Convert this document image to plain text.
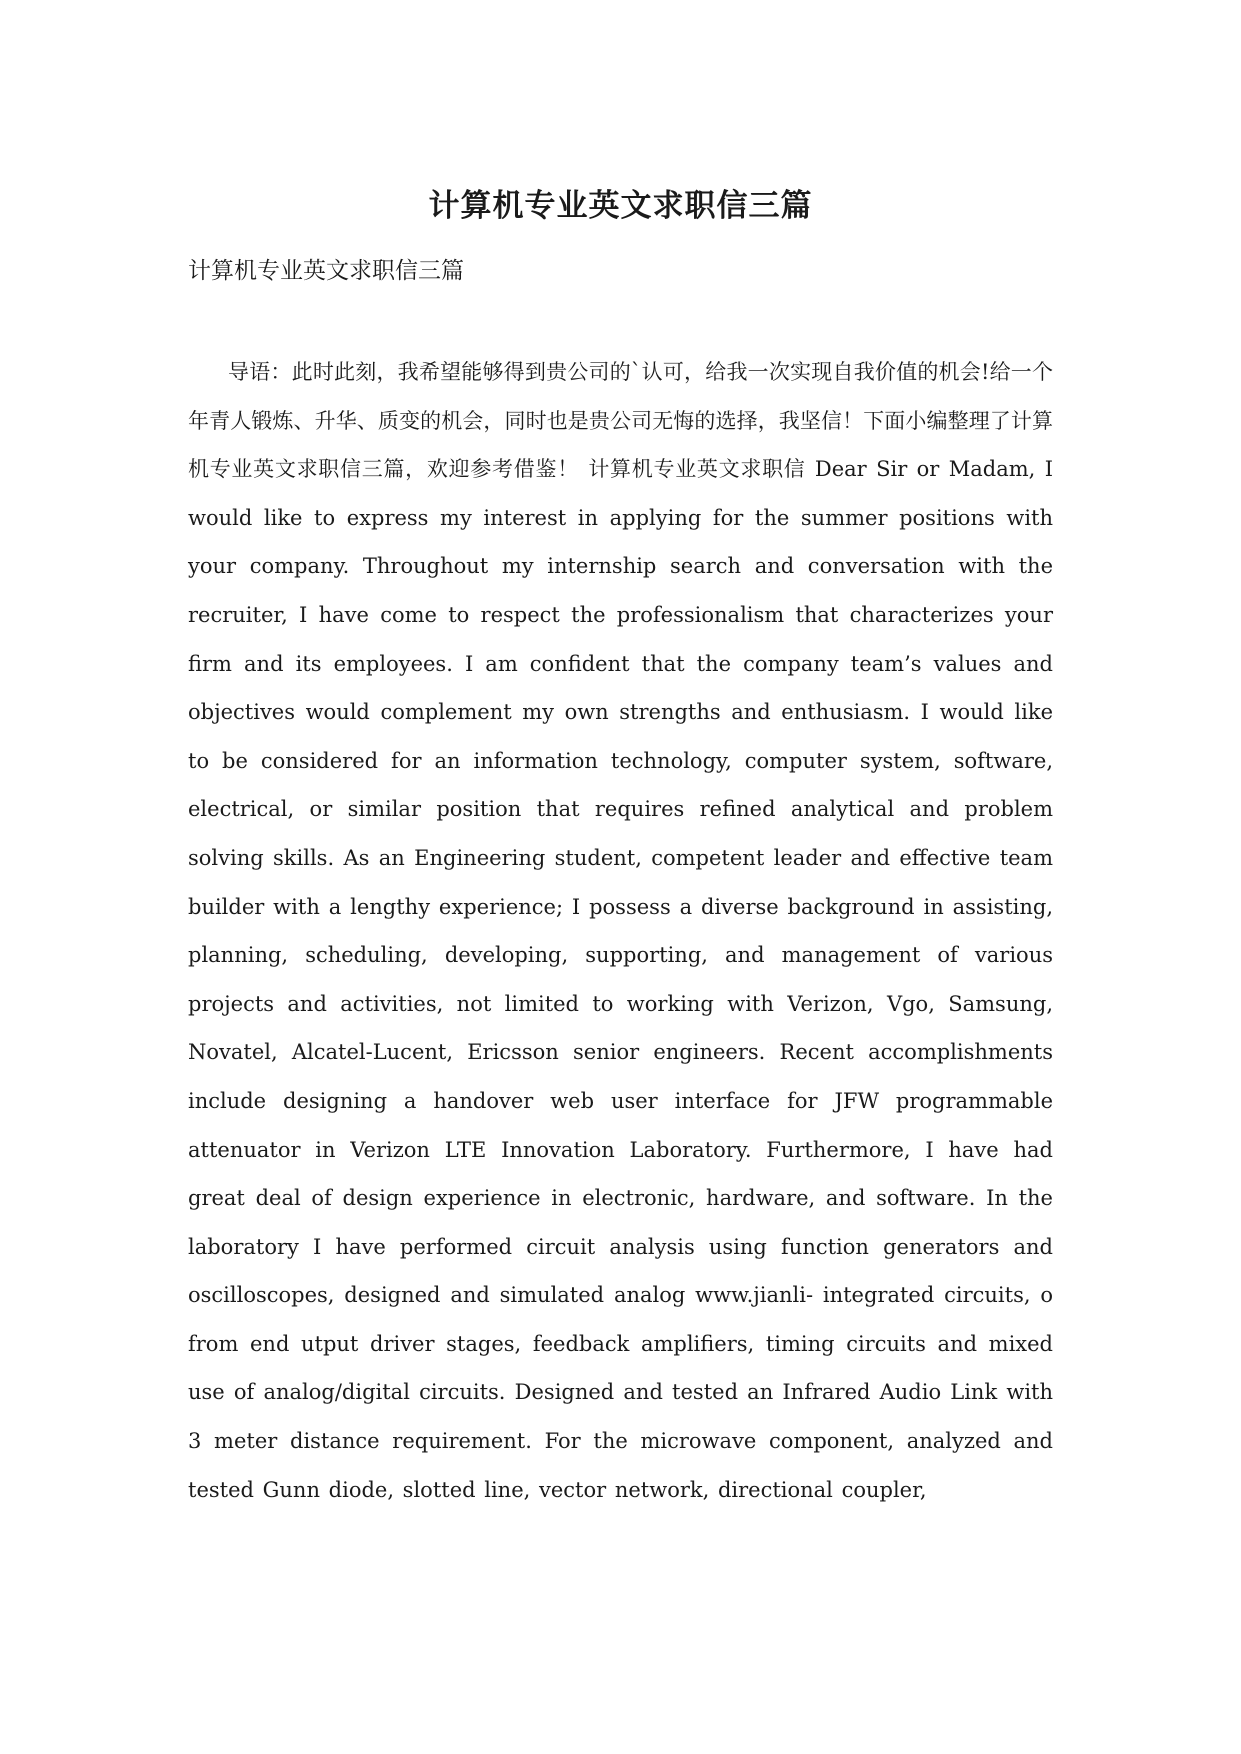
计算机专业英文求职信三篇
计算机专业英文求职信三篇
导语：此时此刻，我希望能够得到贵公司的`认可，给我一次实现自我价值的机会!给一个年青人锻炼、升华、质变的机会，同时也是贵公司无悔的选择，我坚信！下面小编整理了计算机专业英文求职信三篇，欢迎参考借鉴！ 计算机专业英文求职信 Dear Sir or Madam, I would like to express my interest in applying for the summer positions with your company. Throughout my internship search and conversation with the recruiter, I have come to respect the professionalism that characterizes your firm and its employees. I am confident that the company team’s values and objectives would complement my own strengths and enthusiasm. I would like to be considered for an information technology, computer system, software, electrical, or similar position that requires refined analytical and problem solving skills. As an Engineering student, competent leader and effective team builder with a lengthy experience; I possess a diverse background in assisting, planning, scheduling, developing, supporting, and management of various projects and activities, not limited to working with Verizon, Vgo, Samsung, Novatel, Alcatel-Lucent, Ericsson senior engineers. Recent accomplishments include designing a handover web user interface for JFW programmable attenuator in Verizon LTE Innovation Laboratory. Furthermore, I have had great deal of design experience in electronic, hardware, and software. In the laboratory I have performed circuit analysis using function generators and oscilloscopes, designed and simulated analog www.jianli- integrated circuits, o from end utput driver stages, feedback amplifiers, timing circuits and mixed use of analog/digital circuits. Designed and tested an Infrared Audio Link with 3 meter distance requirement. For the microwave component, analyzed and tested Gunn diode, slotted line, vector network, directional coupler,
